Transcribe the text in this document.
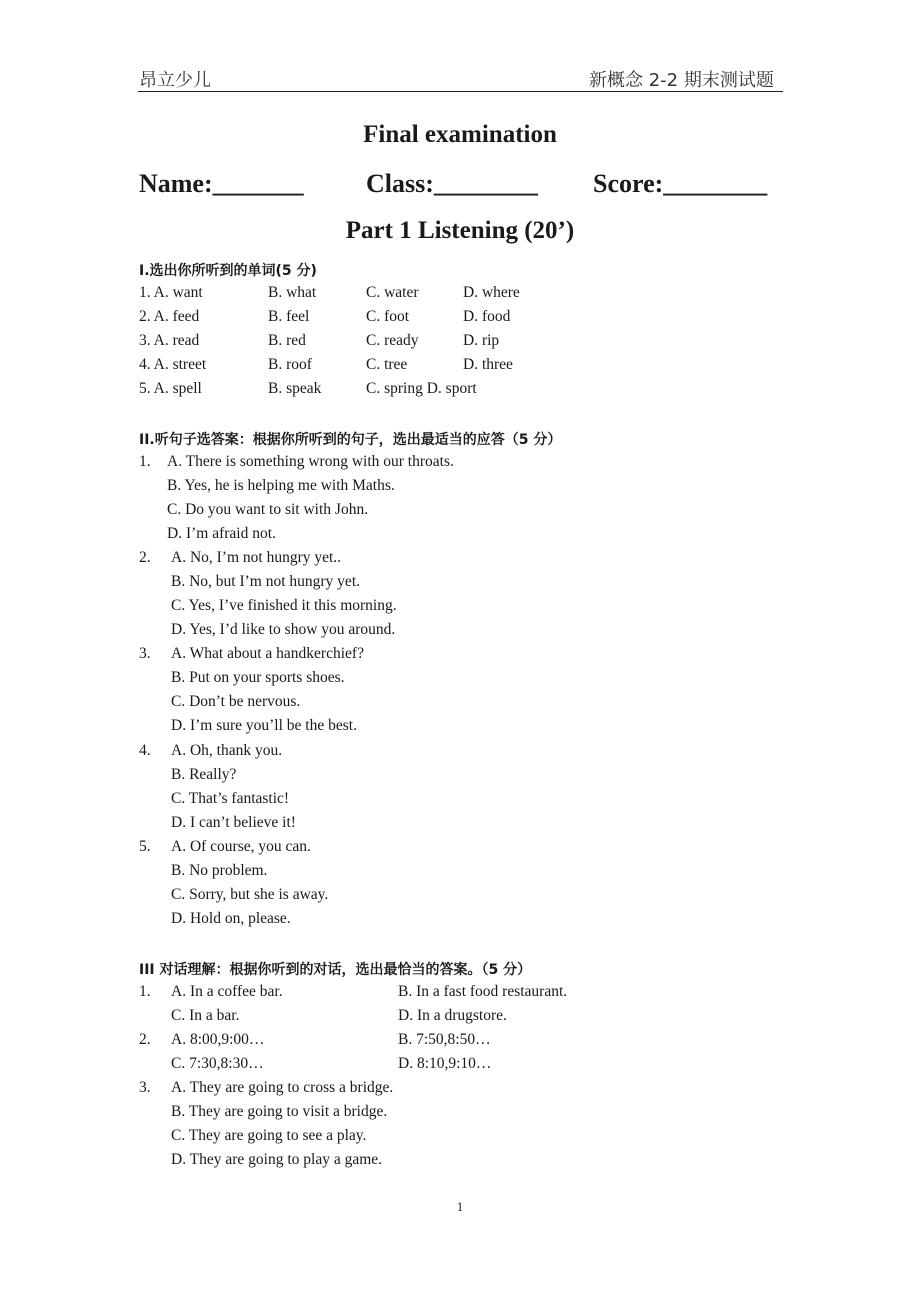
昂立少儿	新概念 2-2 期末测试题
Final examination
Name:_______ Class:________ Score:________
Part 1 Listening (20’)
I.选出你所听到的单词(5 分)
1. A. want	B. what	C. water	D. where
2. A. feed	B. feel	C. foot	D. food
3. A. read	B. red	C. ready	D. rip
4. A. street	B. roof	C. tree	D. three
5. A. spell	B. speak	C. spring D. sport
II.听句子选答案：根据你所听到的句子，选出最适当的应答（5 分）
1. A. There is something wrong with our throats.
B. Yes, he is helping me with Maths.
C. Do you want to sit with John.
D. I’m afraid not.
2. A. No, I’m not hungry yet..
B. No, but I’m not hungry yet.
C. Yes, I’ve finished it this morning.
D. Yes, I’d like to show you around.
3. A. What about a handkerchief?
B. Put on your sports shoes.
C. Don’t be nervous.
D. I’m sure you’ll be the best.
4. A. Oh, thank you.
B. Really?
C. That’s fantastic!
D. I can’t believe it!
5. A. Of course, you can.
B. No problem.
C. Sorry, but she is away.
D. Hold on, please.
III 对话理解：根据你听到的对话，选出最恰当的答案。（5 分）
1. A. In a coffee bar.	B. In a fast food restaurant.
C. In a bar.	D. In a drugstore.
2. A. 8:00,9:00…	B. 7:50,8:50…
C. 7:30,8:30…	D. 8:10,9:10…
3. A. They are going to cross a bridge.
B. They are going to visit a bridge.
C. They are going to see a play.
D. They are going to play a game.
1
